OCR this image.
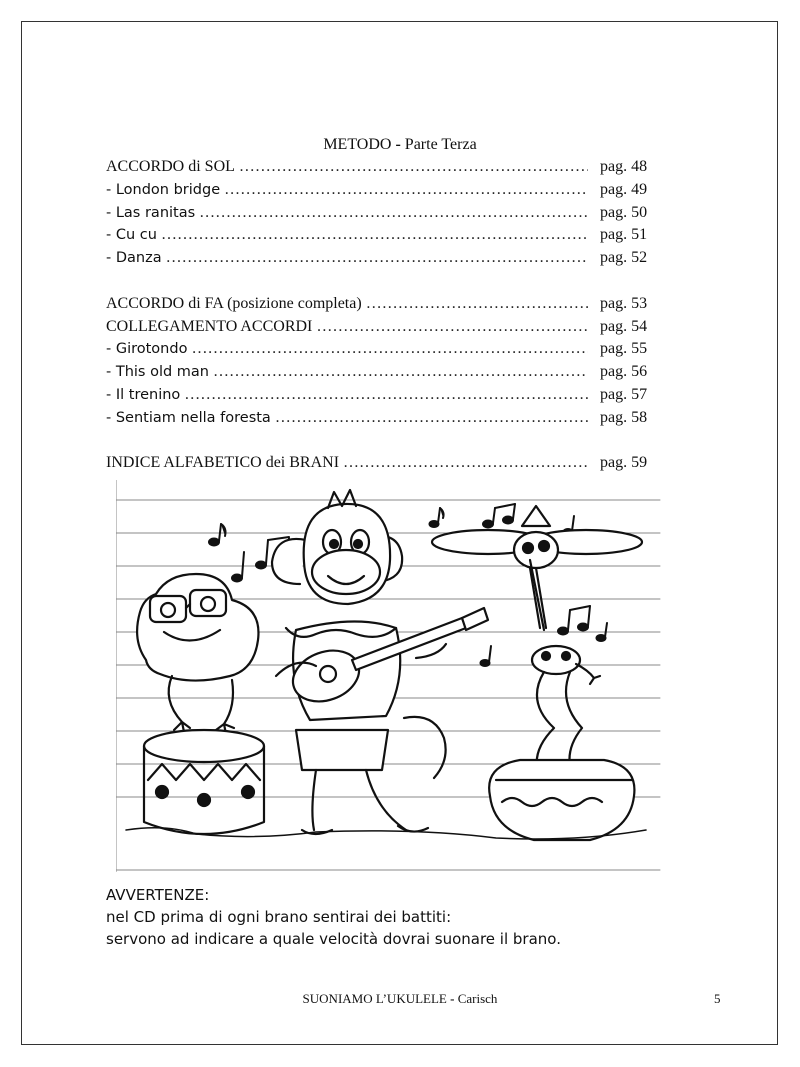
METODO - Parte Terza
ACCORDO di SOL ……………………………………………………………………………………………………………	pag. 48
- London bridge ……………………………………………………………………………………………………………	pag. 49
- Las ranitas ……………………………………………………………………………………………………………	pag. 50
- Cu cu ……………………………………………………………………………………………………………	pag. 51
- Danza ……………………………………………………………………………………………………………	pag. 52
ACCORDO di FA (posizione completa) ……………………………………………………………………………………………………………	pag. 53
COLLEGAMENTO ACCORDI ……………………………………………………………………………………………………………	pag. 54
- Girotondo ……………………………………………………………………………………………………………	pag. 55
- This old man ……………………………………………………………………………………………………………	pag. 56
- Il trenino ……………………………………………………………………………………………………………	pag. 57
- Sentiam nella foresta ……………………………………………………………………………………………………………	pag. 58
INDICE ALFABETICO dei BRANI ……………………………………………………………………………………………………………	pag. 59
AVVERTENZE:
nel CD prima di ogni brano sentirai dei battiti:
servono ad indicare a quale velocità dovrai suonare il brano.
SUONIAMO L’UKULELE - Carisch	5
